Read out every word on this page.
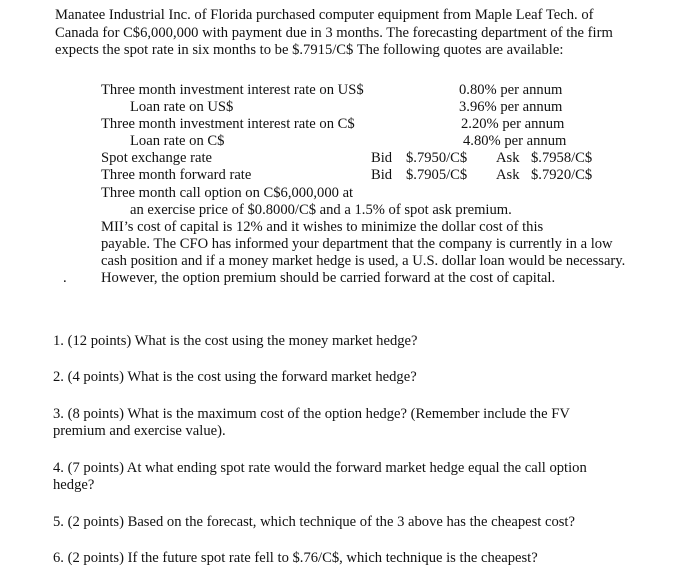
Manatee Industrial Inc. of Florida purchased computer equipment from Maple Leaf Tech. of
Canada for C$6,000,000 with payment due in 3 months. The forecasting department of the firm
expects the spot rate in six months to be $.7915/C$ The following quotes are available:
Three month investment interest rate on US$	0.80% per annum
Loan rate on US$	3.96% per annum
Three month investment interest rate on C$	2.20% per annum
Loan rate on C$	4.80% per annum
Spot exchange rate	Bid $.7950/C$ Ask $.7958/C$
Three month forward rate	Bid $.7905/C$ Ask $.7920/C$
Three month call option on C$6,000,000 at
an exercise price of $0.8000/C$ and a 1.5% of spot ask premium.
MII’s cost of capital is 12% and it wishes to minimize the dollar cost of this
payable. The CFO has informed your department that the company is currently in a low
cash position and if a money market hedge is used, a U.S. dollar loan would be necessary.
. However, the option premium should be carried forward at the cost of capital.
1. (12 points) What is the cost using the money market hedge?
2. (4 points) What is the cost using the forward market hedge?
3. (8 points) What is the maximum cost of the option hedge? (Remember include the FV
premium and exercise value).
4. (7 points) At what ending spot rate would the forward market hedge equal the call option
hedge?
5. (2 points) Based on the forecast, which technique of the 3 above has the cheapest cost?
6. (2 points) If the future spot rate fell to $.76/C$, which technique is the cheapest?
